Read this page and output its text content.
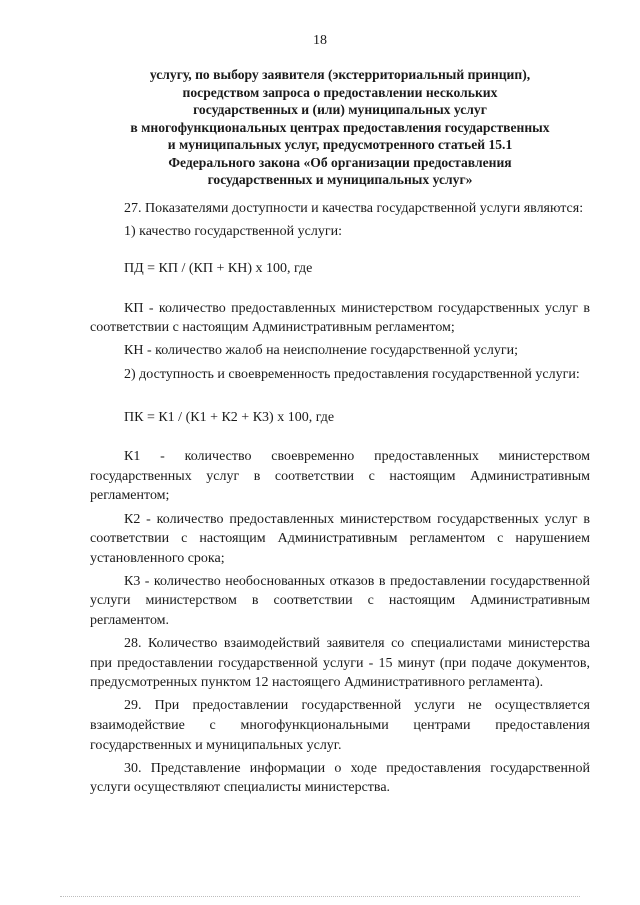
18
услугу, по выбору заявителя (экстерриториальный принцип),
посредством запроса о предоставлении нескольких
государственных и (или) муниципальных услуг
в многофункциональных центрах предоставления государственных
и муниципальных услуг, предусмотренного статьей 15.1
Федерального закона «Об организации предоставления
государственных и муниципальных услуг»

27. Показателями доступности и качества государственной услуги являются:

1) качество государственной услуги:

ПД = КП / (КП + КН) х 100, где

КП - количество предоставленных министерством государственных услуг в соответствии с настоящим Административным регламентом;

КН - количество жалоб на неисполнение государственной услуги;

2) доступность и своевременность предоставления государственной услуги:

ПК = К1 / (К1 + К2 + К3) х 100, где

К1 - количество своевременно предоставленных министерством государственных услуг в соответствии с настоящим Административным регламентом;

К2 - количество предоставленных министерством государственных услуг в соответствии с настоящим Административным регламентом с нарушением установленного срока;

К3 - количество необоснованных отказов в предоставлении государственной услуги министерством в соответствии с настоящим Административным регламентом.

28. Количество взаимодействий заявителя со специалистами министерства при предоставлении государственной услуги - 15 минут (при подаче документов, предусмотренных пунктом 12 настоящего Административного регламента).

29. При предоставлении государственной услуги не осуществляется взаимодействие с многофункциональными центрами предоставления государственных и муниципальных услуг.

30. Представление информации о ходе предоставления государственной услуги осуществляют специалисты министерства.
